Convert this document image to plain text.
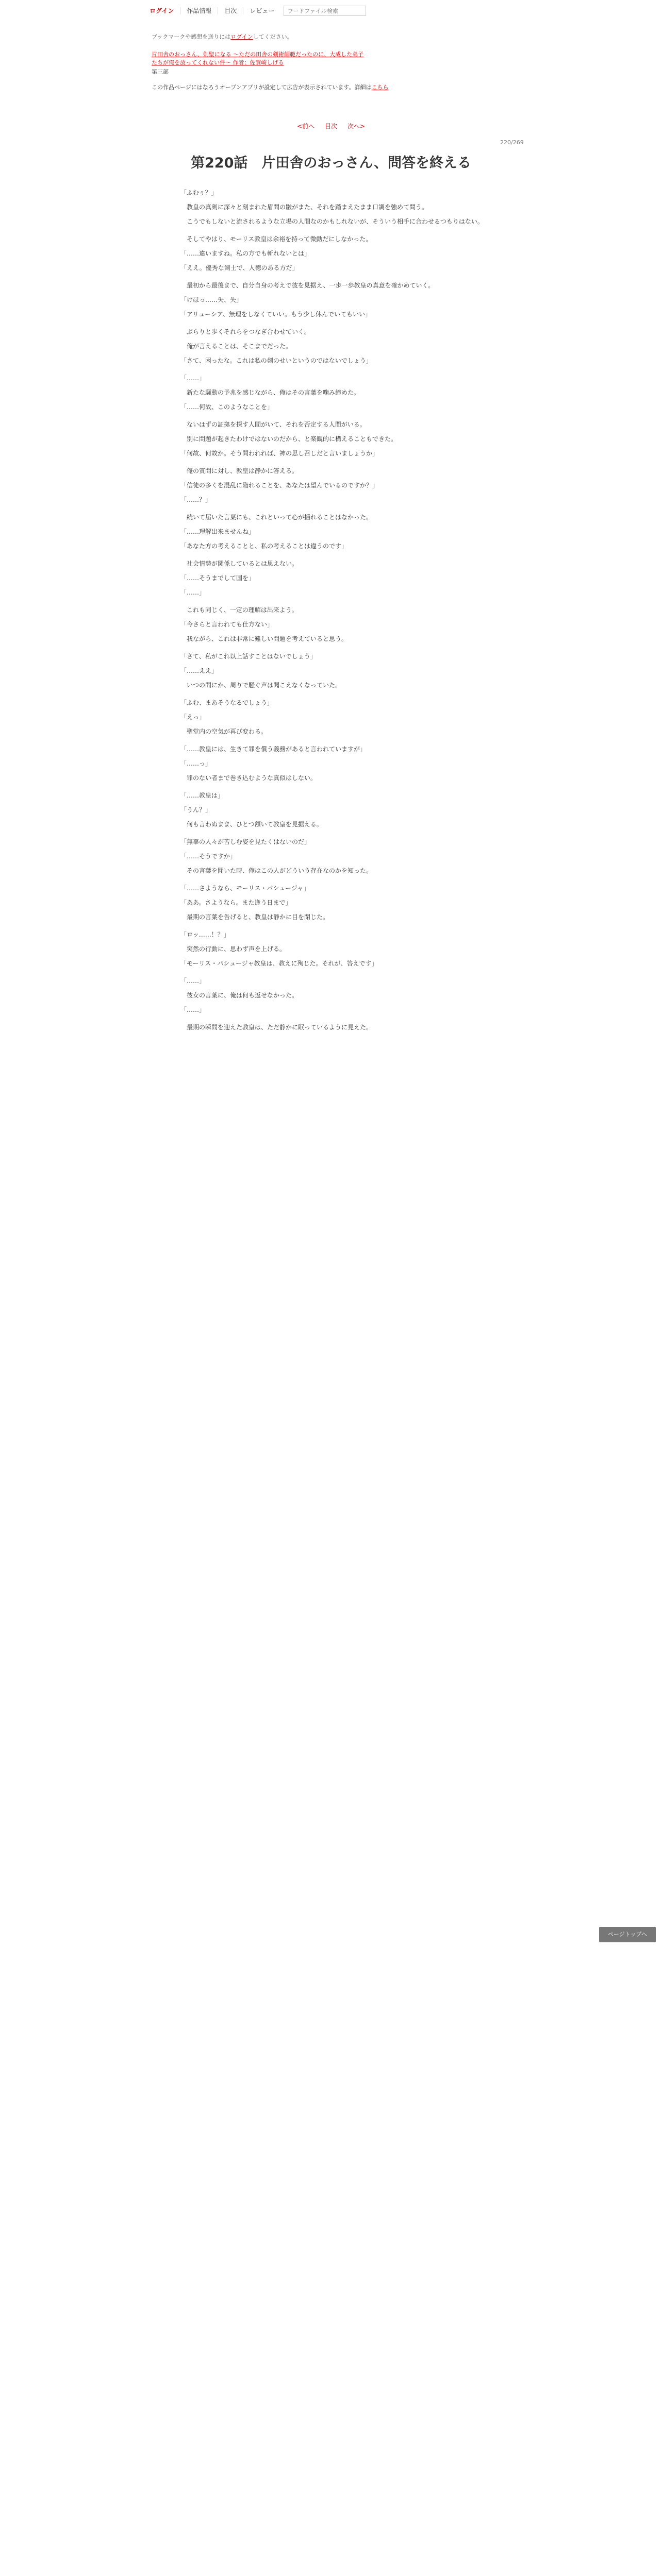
ログイン	作品情報	目次	レビュー
ワードファイル検索
ブックマークや感想を送りにはログインしてください。
片田舎のおっさん、剣聖になる 〜ただの田舎の剣術師範だったのに、大成した弟子たちが俺を放ってくれない件〜 作者：佐賀崎しげる
第三部
この作品ページにはなろうオープンアプリが設定して広告が表示されています。詳細はこちら
<前へ 目次 次へ>
220/269
第220話　片田舎のおっさん、問答を終える

「ふむぅ？」

　教皇の真剣に深々と刻まれた眉間の皺がまた、それを踏まえたまま口調を強めて問う。

　こうでもしないと流されるような立場の人間なのかもしれないが、そういう相手に合わせるつもりはない。

　そしてやはり、モーリス教皇は余裕を持って微動だにしなかった。

「……違いますね。私の方でも斬れないとは」

「ええ。優秀な剣士で、人徳のある方だ」

　最初から最後まで、自分自身の考えで彼を見据え、一歩一歩教皇の真意を確かめていく。

「けほっ……失、失」

「アリューシア、無理をしなくていい。もう少し休んでいてもいい」

　ぶらりと歩くそれらをつなぎ合わせていく。

　俺が言えることは、そこまでだった。

「さて、困ったな。これは私の剣のせいというのではないでしょう」

「……」

　新たな騒動の予兆を感じながら、俺はその言葉を噛み締めた。

「……何故、このようなことを」

　ないはずの証拠を探す人間がいて、それを否定する人間がいる。

　別に問題が起きたわけではないのだから、と楽観的に構えることもできた。

「何故、何故か。そう問われれば、神の思し召しだと言いましょうか」

　俺の質問に対し、教皇は静かに答える。

「信徒の多くを混乱に陥れることを、あなたは望んでいるのですか？」

「……？」

　続いて届いた言葉にも、これといって心が揺れることはなかった。

「……理解出来ませんね」

「あなた方の考えることと、私の考えることは違うのです」

　社会情勢が関係しているとは思えない。

「……そうまでして国を」

「……」

　これも同じく、一定の理解は出来よう。

「今さらと言われても仕方ない」

　我ながら、これは非常に難しい問題を考えていると思う。

「さて、私がこれ以上話すことはないでしょう」

「……ええ」

　いつの間にか、周りで騒ぐ声は聞こえなくなっていた。

「ふむ、まあそうなるでしょう」

「えっ」

　聖堂内の空気が再び変わる。

「……教皇には、生きて罪を償う義務があると言われていますが」

「……っ」

　罪のない者まで巻き込むような真似はしない。

「……教皇は」

「うん？」

　何も言わぬまま、ひとつ頷いて教皇を見据える。

「無辜の人々が苦しむ姿を見たくはないのだ」

「……そうですか」

　その言葉を聞いた時、俺はこの人がどういう存在なのかを知った。

「……さようなら、モーリス・パシュージャ」

「ああ。さようなら。また逢う日まで」

　最期の言葉を告げると、教皇は静かに目を閉じた。

「ロッ……！？」

　突然の行動に、思わず声を上げる。

「モーリス・パシュージャ教皇は、教えに殉じた。それが、答えです」

「……」

　彼女の言葉に、俺は何も返せなかった。

「……」

　最期の瞬間を迎えた教皇は、ただ静かに眠っているように見えた。

ページトップへ
